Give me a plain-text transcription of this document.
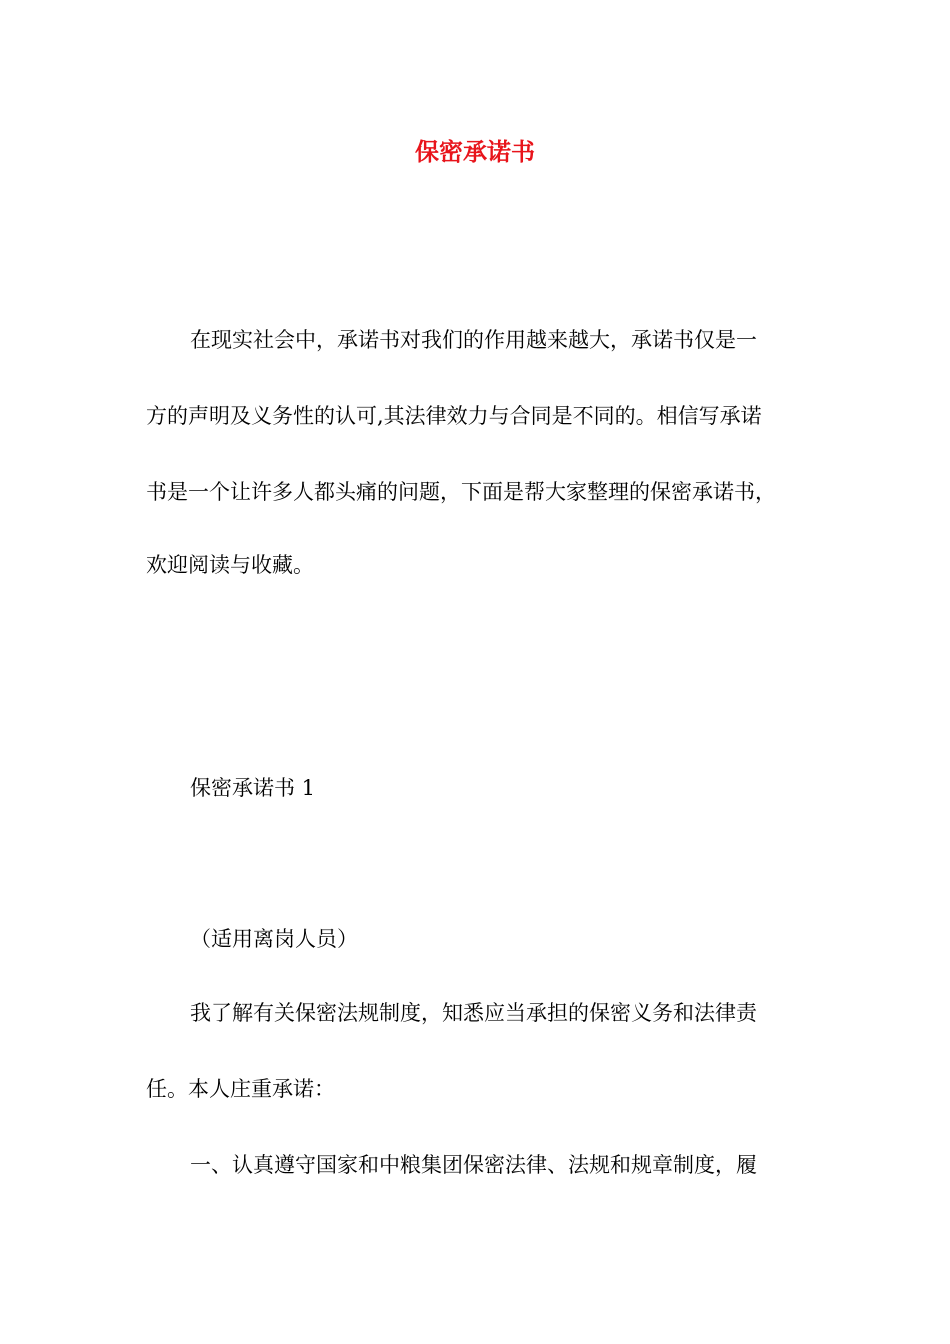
保密承诺书

在现实社会中，承诺书对我们的作用越来越大，承诺书仅是一

方的声明及义务性的认可,其法律效力与合同是不同的。相信写承诺

书是一个让许多人都头痛的问题，下面是帮大家整理的保密承诺书，

欢迎阅读与收藏。

保密承诺书 1

（适用离岗人员）

我了解有关保密法规制度，知悉应当承担的保密义务和法律责

任。本人庄重承诺：

一、认真遵守国家和中粮集团保密法律、法规和规章制度，履
